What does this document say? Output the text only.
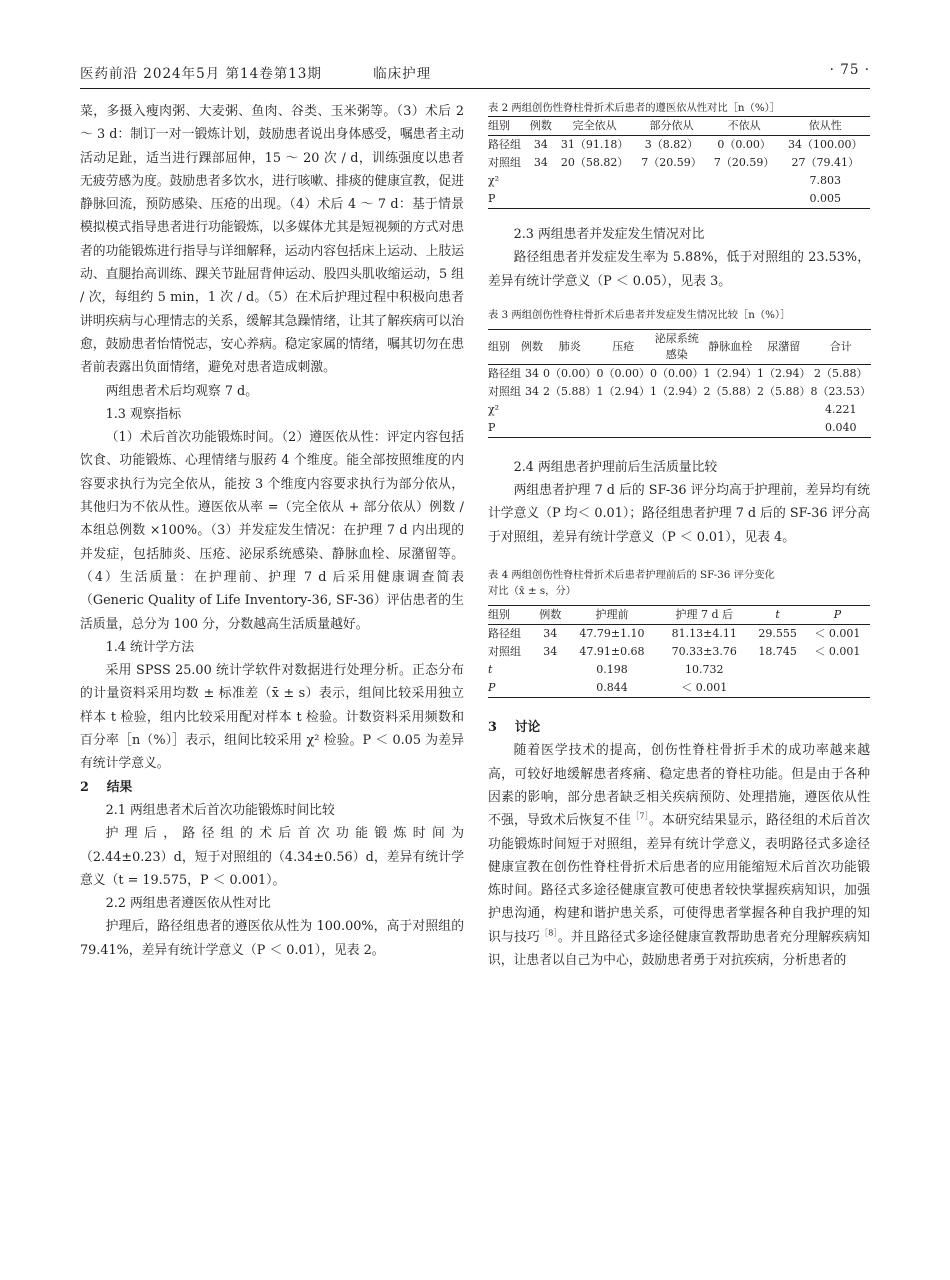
医药前沿 2024年5月 第14卷第13期	临床护理	· 75 ·

菜，多摄入瘦肉粥、大麦粥、鱼肉、谷类、玉米粥等。（3）术后 2 ～ 3 d：制订一对一锻炼计划，鼓励患者说出身体感受，嘱患者主动活动足趾，适当进行踝部屈伸，15 ～ 20 次 / d，训练强度以患者无疲劳感为度。鼓励患者多饮水，进行咳嗽、排痰的健康宣教，促进静脉回流，预防感染、压疮的出现。（4）术后 4 ～ 7 d：基于情景模拟模式指导患者进行功能锻炼，以多媒体尤其是短视频的方式对患者的功能锻炼进行指导与详细解释，运动内容包括床上运动、上肢运动、直腿抬高训练、踝关节趾屈背伸运动、股四头肌收缩运动，5 组 / 次，每组约 5 min，1 次 / d。（5）在术后护理过程中积极向患者讲明疾病与心理情志的关系，缓解其急躁情绪，让其了解疾病可以治愈，鼓励患者怡情悦志，安心养病。稳定家属的情绪，嘱其切勿在患者前表露出负面情绪，避免对患者造成刺激。

两组患者术后均观察 7 d。

1.3 观察指标

（1）术后首次功能锻炼时间。（2）遵医依从性：评定内容包括饮食、功能锻炼、心理情绪与服药 4 个维度。能全部按照维度的内容要求执行为完全依从，能按 3 个维度内容要求执行为部分依从，其他归为不依从性。遵医依从率 =（完全依从 + 部分依从）例数 / 本组总例数 ×100%。（3）并发症发生情况：在护理 7 d 内出现的并发症，包括肺炎、压疮、泌尿系统感染、静脉血栓、尿潴留等。（4）生活质量：在护理前、护理 7 d 后采用健康调查简表（Generic Quality of Life Inventory-36, SF-36）评估患者的生活质量，总分为 100 分，分数越高生活质量越好。

1.4 统计学方法

采用 SPSS 25.00 统计学软件对数据进行处理分析。正态分布的计量资料采用均数 ± 标准差（x̄ ± s）表示，组间比较采用独立样本 t 检验，组内比较采用配对样本 t 检验。计数资料采用频数和百分率［n（%）］表示，组间比较采用 χ² 检验。P ＜ 0.05 为差异有统计学意义。

2    结果

2.1 两组患者术后首次功能锻炼时间比较

护 理 后 ， 路 径 组 的 术 后 首 次 功 能 锻 炼 时 间 为（2.44±0.23）d，短于对照组的（4.34±0.56）d，差异有统计学意义（t = 19.575，P ＜ 0.001）。

2.2 两组患者遵医依从性对比

护理后，路径组患者的遵医依从性为 100.00%，高于对照组的 79.41%，差异有统计学意义（P ＜ 0.01），见表 2。

表 2 两组创伤性脊柱骨折术后患者的遵医依从性对比［n（%）］

组别	例数	完全依从	部分依从	不依从	依从性
路径组	34	31（91.18）	3（8.82）	0（0.00）	34（100.00）
对照组	34	20（58.82）	7（20.59）	7（20.59）	27（79.41）
χ²					7.803
P					0.005

2.3 两组患者并发症发生情况对比

路径组患者并发症发生率为 5.88%，低于对照组的 23.53%，差异有统计学意义（P ＜ 0.05），见表 3。

表 3 两组创伤性脊柱骨折术后患者并发症发生情况比较［n（%）］

组别	例数	肺炎	压疮	泌尿系统感染	静脉血栓	尿潴留	合计
路径组	34	0（0.00）	0（0.00）	0（0.00）	1（2.94）	1（2.94）	2（5.88）
对照组	34	2（5.88）	1（2.94）	1（2.94）	2（5.88）	2（5.88）	8（23.53）
χ²							4.221
P							0.040

2.4 两组患者护理前后生活质量比较

两组患者护理 7 d 后的 SF-36 评分均高于护理前，差异均有统计学意义（P 均＜ 0.01）；路径组患者护理 7 d 后的 SF-36 评分高于对照组，差异有统计学意义（P ＜ 0.01），见表 4。

表 4 两组创伤性脊柱骨折术后患者护理前后的 SF-36 评分变化

对比（x̄ ± s，分）

组别	例数	护理前	护理 7 d 后	t	P
路径组	34	47.79±1.10	81.13±4.11	29.555	＜ 0.001
对照组	34	47.91±0.68	70.33±3.76	18.745	＜ 0.001
t		0.198	10.732		
P		0.844	＜ 0.001		

3    讨论

随着医学技术的提高，创伤性脊柱骨折手术的成功率越来越高，可较好地缓解患者疼痛、稳定患者的脊柱功能。但是由于各种因素的影响，部分患者缺乏相关疾病预防、处理措施，遵医依从性不强，导致术后恢复不佳$^{[7]}$。本研究结果显示，路径组的术后首次功能锻炼时间短于对照组，差异有统计学意义，表明路径式多途径健康宣教在创伤性脊柱骨折术后患者的应用能缩短术后首次功能锻炼时间。路径式多途径健康宣教可使患者较快掌握疾病知识，加强护患沟通，构建和谐护患关系，可使得患者掌握各种自我护理的知识与技巧$^{[8]}$。并且路径式多途径健康宣教帮助患者充分理解疾病知识，让患者以自己为中心，鼓励患者勇于对抗疾病，分析患者的
